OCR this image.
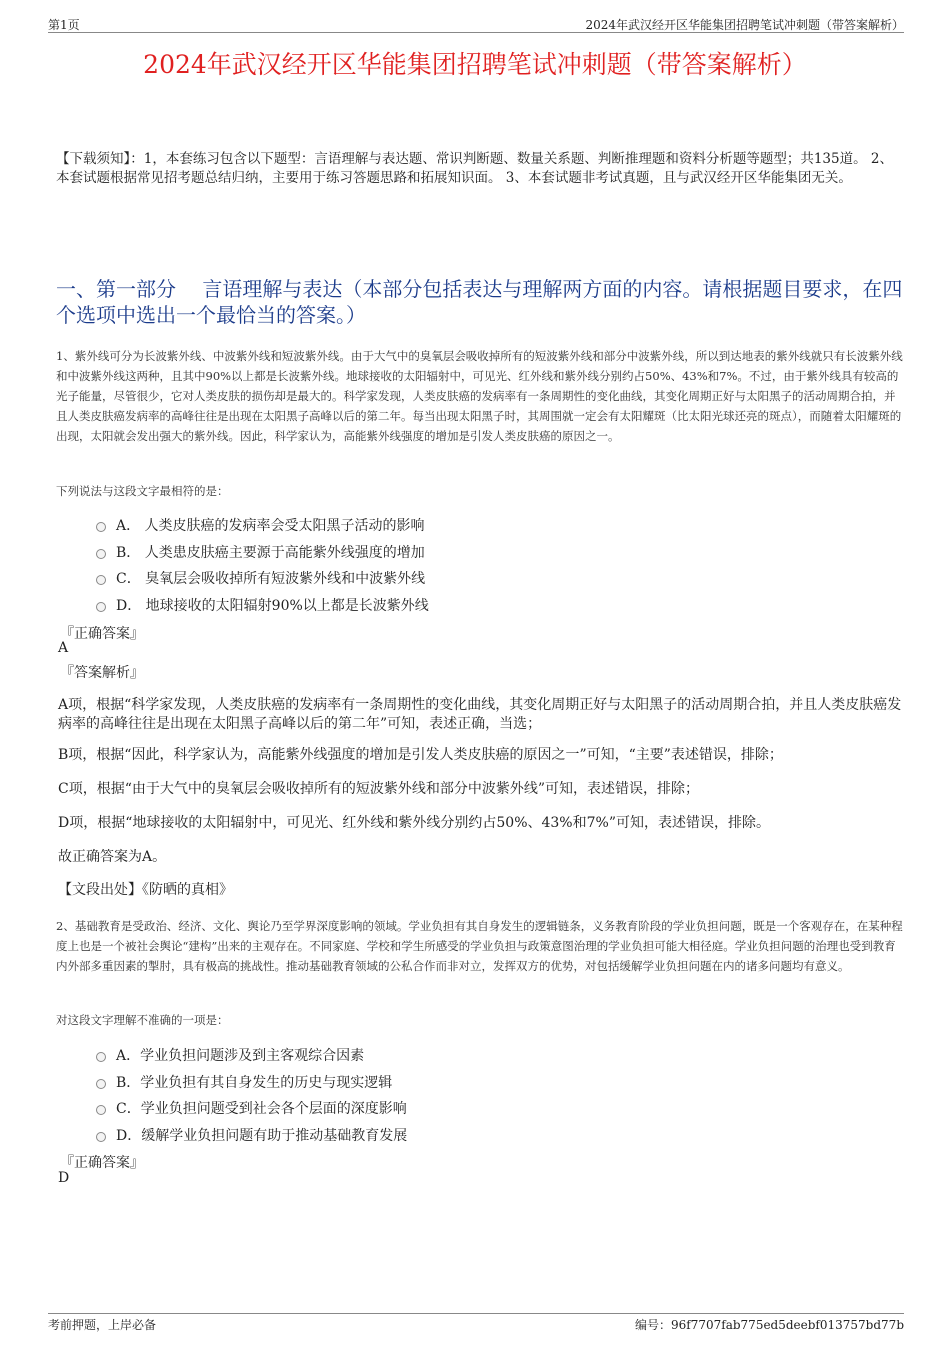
第1页	2024年武汉经开区华能集团招聘笔试冲刺题（带答案解析）
2024年武汉经开区华能集团招聘笔试冲刺题（带答案解析）

【下载须知】：1，本套练习包含以下题型：言语理解与表达题、常识判断题、数量关系题、判断推理题和资料分析题等题型；共135道。 2、本套试题根据常见招考题总结归纳，主要用于练习答题思路和拓展知识面。 3、本套试题非考试真题，且与武汉经开区华能集团无关。

一、第一部分　 言语理解与表达（本部分包括表达与理解两方面的内容。请根据题目要求，在四个选项中选出一个最恰当的答案。）

1、紫外线可分为长波紫外线、中波紫外线和短波紫外线。由于大气中的臭氧层会吸收掉所有的短波紫外线和部分中波紫外线，所以到达地表的紫外线就只有长波紫外线和中波紫外线这两种，且其中90%以上都是长波紫外线。地球接收的太阳辐射中，可见光、红外线和紫外线分别约占50%、43%和7%。不过，由于紫外线具有较高的光子能量，尽管很少，它对人类皮肤的损伤却是最大的。科学家发现，人类皮肤癌的发病率有一条周期性的变化曲线，其变化周期正好与太阳黑子的活动周期合拍，并且人类皮肤癌发病率的高峰往往是出现在太阳黑子高峰以后的第二年。每当出现太阳黑子时，其周围就一定会有太阳耀斑（比太阳光球还亮的斑点），而随着太阳耀斑的出现，太阳就会发出强大的紫外线。因此，科学家认为，高能紫外线强度的增加是引发人类皮肤癌的原因之一。

下列说法与这段文字最相符的是：

A． 人类皮肤癌的发病率会受太阳黑子活动的影响
B． 人类患皮肤癌主要源于高能紫外线强度的增加
C． 臭氧层会吸收掉所有短波紫外线和中波紫外线
D． 地球接收的太阳辐射90%以上都是长波紫外线

『正确答案』

A

『答案解析』

A项，根据“科学家发现，人类皮肤癌的发病率有一条周期性的变化曲线，其变化周期正好与太阳黑子的活动周期合拍，并且人类皮肤癌发病率的高峰往往是出现在太阳黑子高峰以后的第二年”可知，表述正确，当选；

B项，根据“因此，科学家认为，高能紫外线强度的增加是引发人类皮肤癌的原因之一”可知，“主要”表述错误，排除；

C项，根据“由于大气中的臭氧层会吸收掉所有的短波紫外线和部分中波紫外线”可知，表述错误，排除；

D项，根据“地球接收的太阳辐射中，可见光、红外线和紫外线分别约占50%、43%和7%”可知，表述错误，排除。

故正确答案为A。

【文段出处】《防晒的真相》

2、基础教育是受政治、经济、文化、舆论乃至学界深度影响的领域。学业负担有其自身发生的逻辑链条，义务教育阶段的学业负担问题，既是一个客观存在，在某种程度上也是一个被社会舆论“建构”出来的主观存在。不同家庭、学校和学生所感受的学业负担与政策意图治理的学业负担可能大相径庭。学业负担问题的治理也受到教育内外部多重因素的掣肘，具有极高的挑战性。推动基础教育领域的公私合作而非对立，发挥双方的优势，对包括缓解学业负担问题在内的诸多问题均有意义。

对这段文字理解不准确的一项是：

A．学业负担问题涉及到主客观综合因素
B．学业负担有其自身发生的历史与现实逻辑
C．学业负担问题受到社会各个层面的深度影响
D．缓解学业负担问题有助于推动基础教育发展

『正确答案』

D

考前押题，上岸必备	编号：96f7707fab775ed5deebf013757bd77b
